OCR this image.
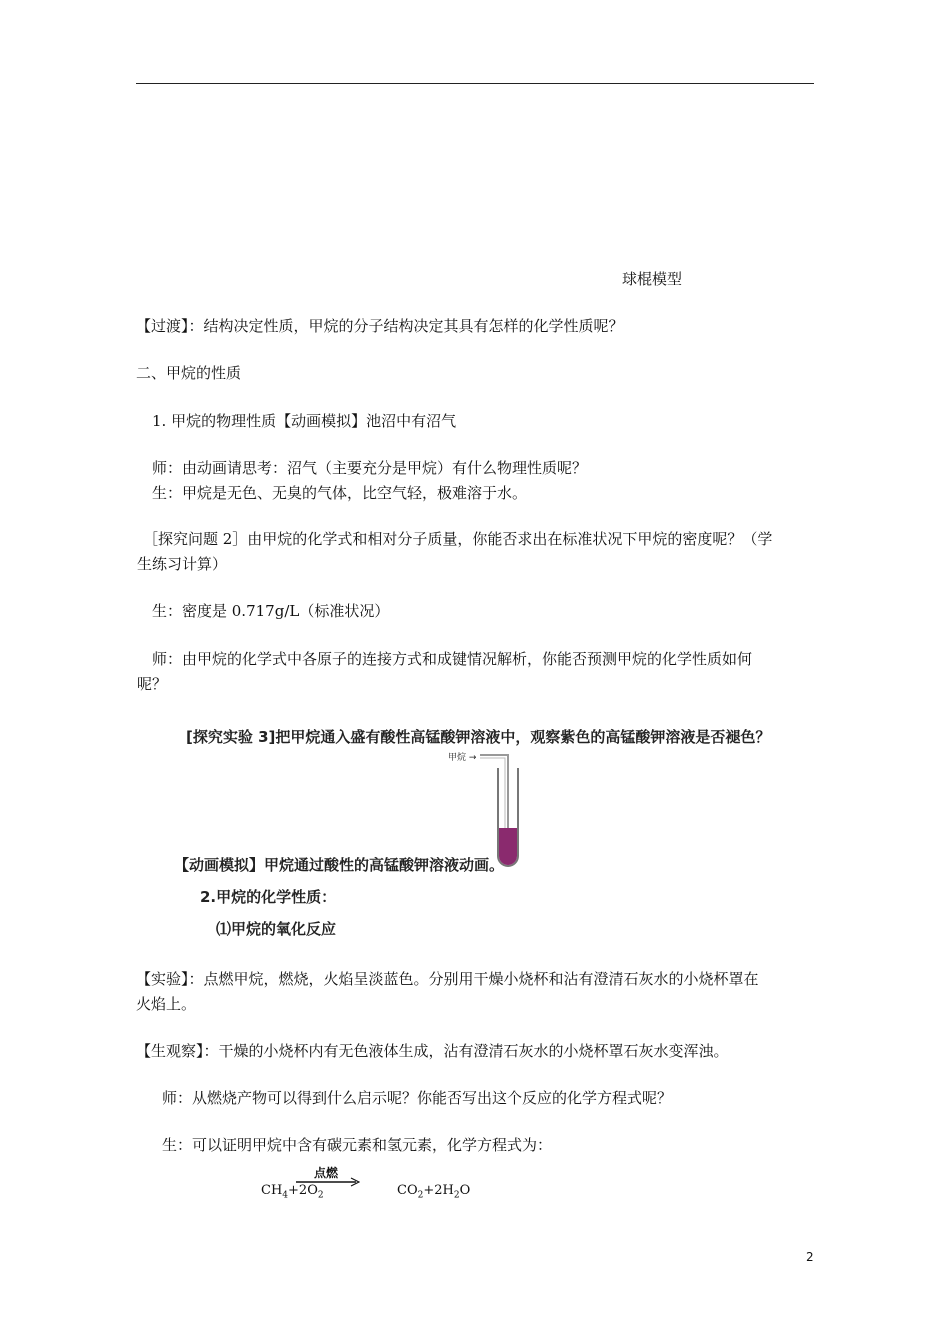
球棍模型
【过渡】：结构决定性质，甲烷的分子结构决定其具有怎样的化学性质呢？
二、甲烷的性质
1. 甲烷的物理性质【动画模拟】池沼中有沼气
师：由动画请思考：沼气（主要充分是甲烷）有什么物理性质呢？
生：甲烷是无色、无臭的气体，比空气轻，极难溶于水。
［探究问题 2］由甲烷的化学式和相对分子质量，你能否求出在标准状况下甲烷的密度呢？（学
生练习计算）
生：密度是 0.717g/L（标准状况）
师：由甲烷的化学式中各原子的连接方式和成键情况解析，你能否预测甲烷的化学性质如何
呢？
[探究实验 3]把甲烷通入盛有酸性高锰酸钾溶液中，观察紫色的高锰酸钾溶液是否褪色？
甲烷 →
【动画模拟】甲烷通过酸性的高锰酸钾溶液动画。
2.甲烷的化学性质：
⑴甲烷的氧化反应
【实验】：点燃甲烷，燃烧，火焰呈淡蓝色。分别用干燥小烧杯和沾有澄清石灰水的小烧杯罩在
火焰上。
【生观察】：干燥的小烧杯内有无色液体生成，沾有澄清石灰水的小烧杯罩石灰水变浑浊。
师：从燃烧产物可以得到什么启示呢？你能否写出这个反应的化学方程式呢？
生：可以证明甲烷中含有碳元素和氢元素，化学方程式为：
点燃
$CH_4+2O_2$	$CO_2+2H_2O$
2
